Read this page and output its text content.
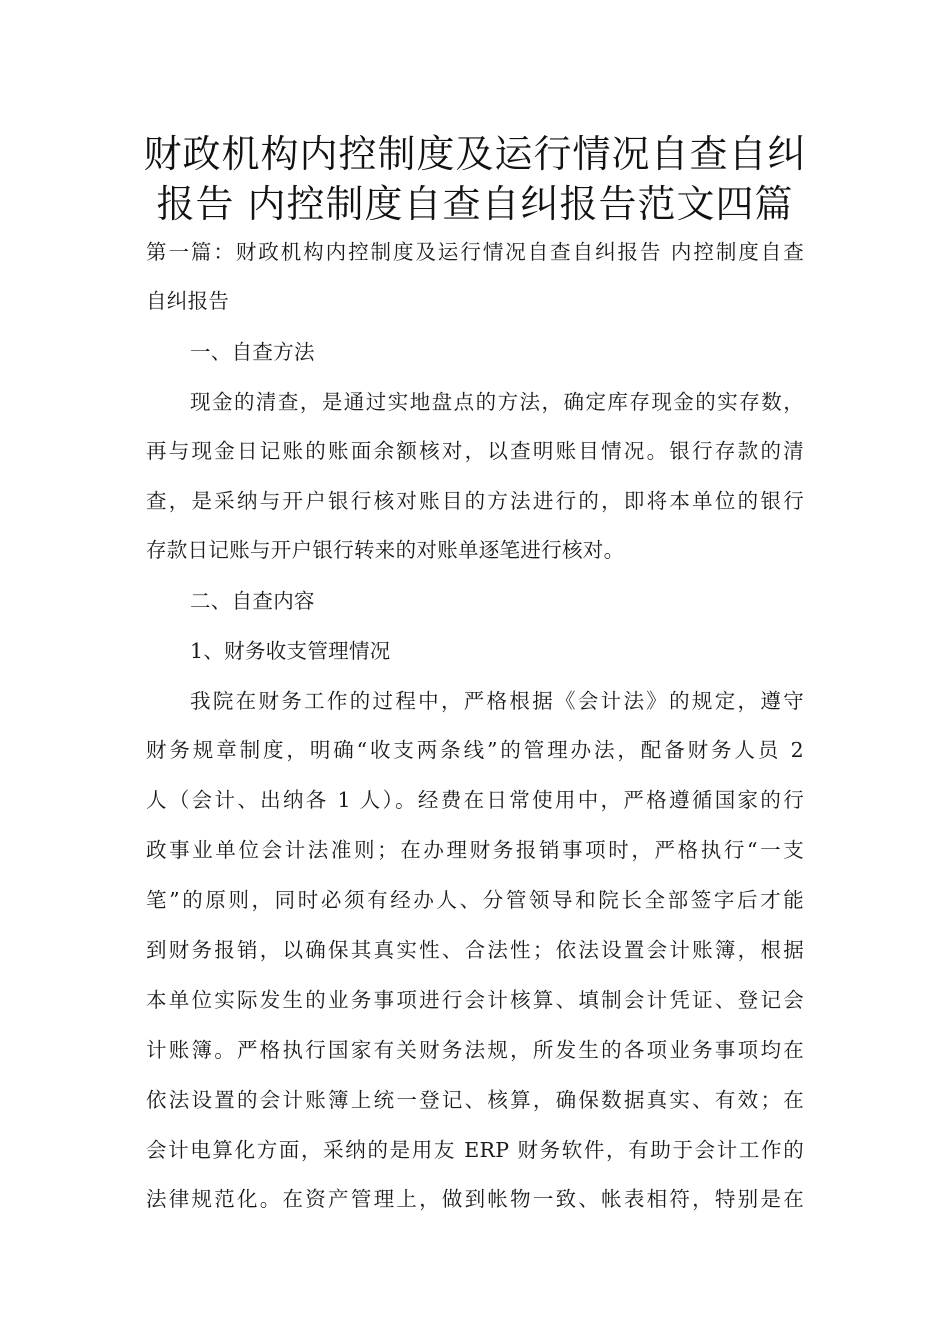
财政机构内控制度及运行情况自查自纠
报告 内控制度自查自纠报告范文四篇
第一篇：财政机构内控制度及运行情况自查自纠报告 内控制度自查
自纠报告
一、自查方法
现金的清查，是通过实地盘点的方法，确定库存现金的实存数，
再与现金日记账的账面余额核对，以查明账目情况。银行存款的清
查，是采纳与开户银行核对账目的方法进行的，即将本单位的银行
存款日记账与开户银行转来的对账单逐笔进行核对。
二、自查内容
1、财务收支管理情况
我院在财务工作的过程中，严格根据《会计法》的规定，遵守
财务规章制度，明确“收支两条线”的管理办法，配备财务人员 2
人（会计、出纳各 1 人）。经费在日常使用中，严格遵循国家的行
政事业单位会计法准则；在办理财务报销事项时，严格执行“一支
笔”的原则，同时必须有经办人、分管领导和院长全部签字后才能
到财务报销，以确保其真实性、合法性；依法设置会计账簿，根据
本单位实际发生的业务事项进行会计核算、填制会计凭证、登记会
计账簿。严格执行国家有关财务法规，所发生的各项业务事项均在
依法设置的会计账簿上统一登记、核算，确保数据真实、有效；在
会计电算化方面，采纳的是用友 ERP 财务软件，有助于会计工作的
法律规范化。在资产管理上，做到帐物一致、帐表相符，特别是在
